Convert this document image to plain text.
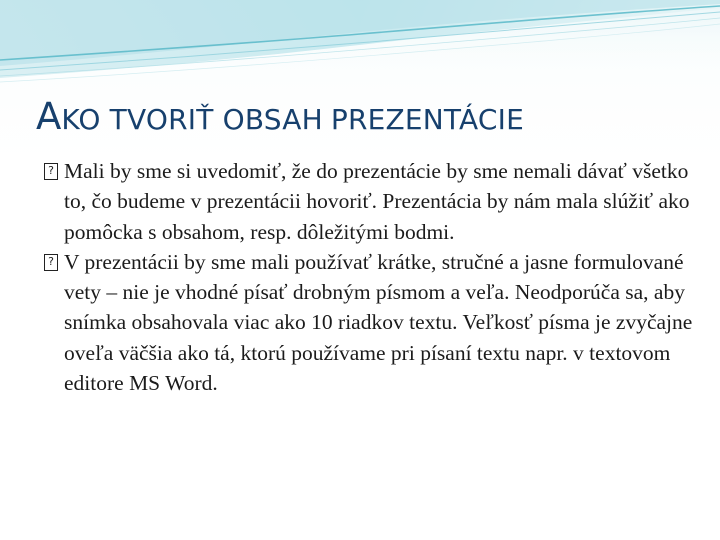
AKO TVORIŤ OBSAH PREZENTÁCIE

?
Mali by sme si uvedomiť, že do prezentácie by sme nemali dávať všetko to, čo budeme v prezentácii hovoriť. Prezentácia by nám mala slúžiť ako pomôcka s obsahom, resp. dôležitými bodmi.

?
V prezentácii by sme mali používať krátke, stručné a jasne formulované vety – nie je vhodné písať drobným písmom a veľa. Neodporúča sa, aby snímka obsahovala viac ako 10 riadkov textu. Veľkosť písma je zvyčajne oveľa väčšia ako tá, ktorú používame pri písaní textu napr. v textovom editore MS Word.
